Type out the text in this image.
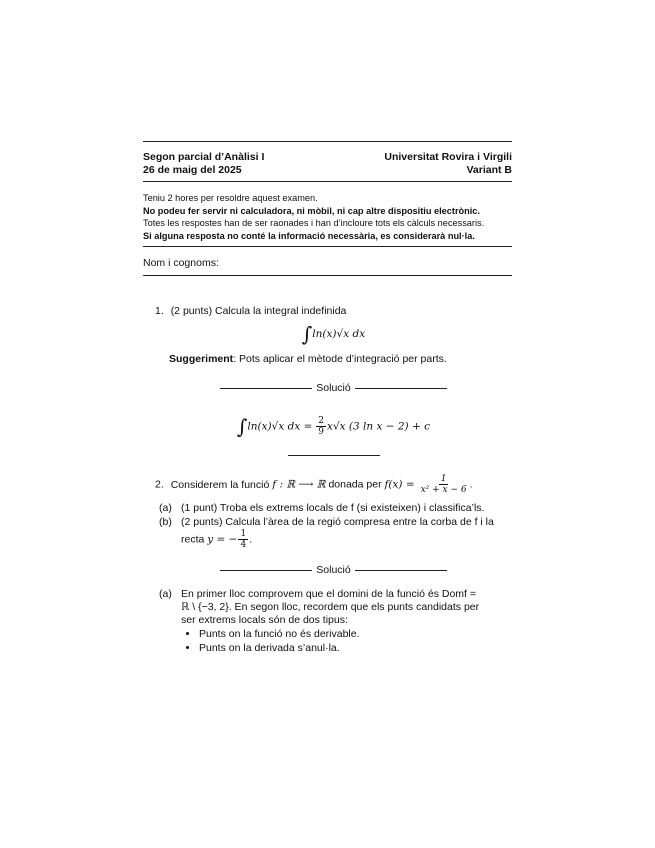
Segon parcial d’Anàlisi I	Universitat Rovira i Virgili
26 de maig del 2025	Variant B
Teniu 2 hores per resoldre aquest examen.
No podeu fer servir ni calculadora, ni mòbil, ni cap altre dispositiu electrònic.
Totes les respostes han de ser raonades i han d’incloure tots els càlculs necessaris.
Si alguna resposta no conté la informació necessària, es considerarà nul·la.
Nom i cognoms:
1. (2 punts) Calcula la integral indefinida
∫ln(x)√x dx
Suggeriment: Pots aplicar el mètode d’integració per parts.
Solució
∫ln(x)√x dx = $\frac{2}{9} x√x$ (3 ln x − 2) + c
2. Considerem la funció f : ℝ ⟶ ℝ donada per $f(x) = \frac{1}{\text{x² + x − 6}}$ .
(a) (1 punt) Troba els extrems locals de f (si existeixen) i classifica’ls.
(b) (2 punts) Calcula l’àrea de la regió compresa entre la corba de f i la
recta y = − $\frac{1}{4}$ .
Solució
(a) En primer lloc comprovem que el domini de la funció és Domf =
ℝ \ {−3, 2}. En segon lloc, recordem que els punts candidats per
ser extrems locals són de dos tipus:
• Punts on la funció no és derivable.
• Punts on la derivada s’anul·la.
